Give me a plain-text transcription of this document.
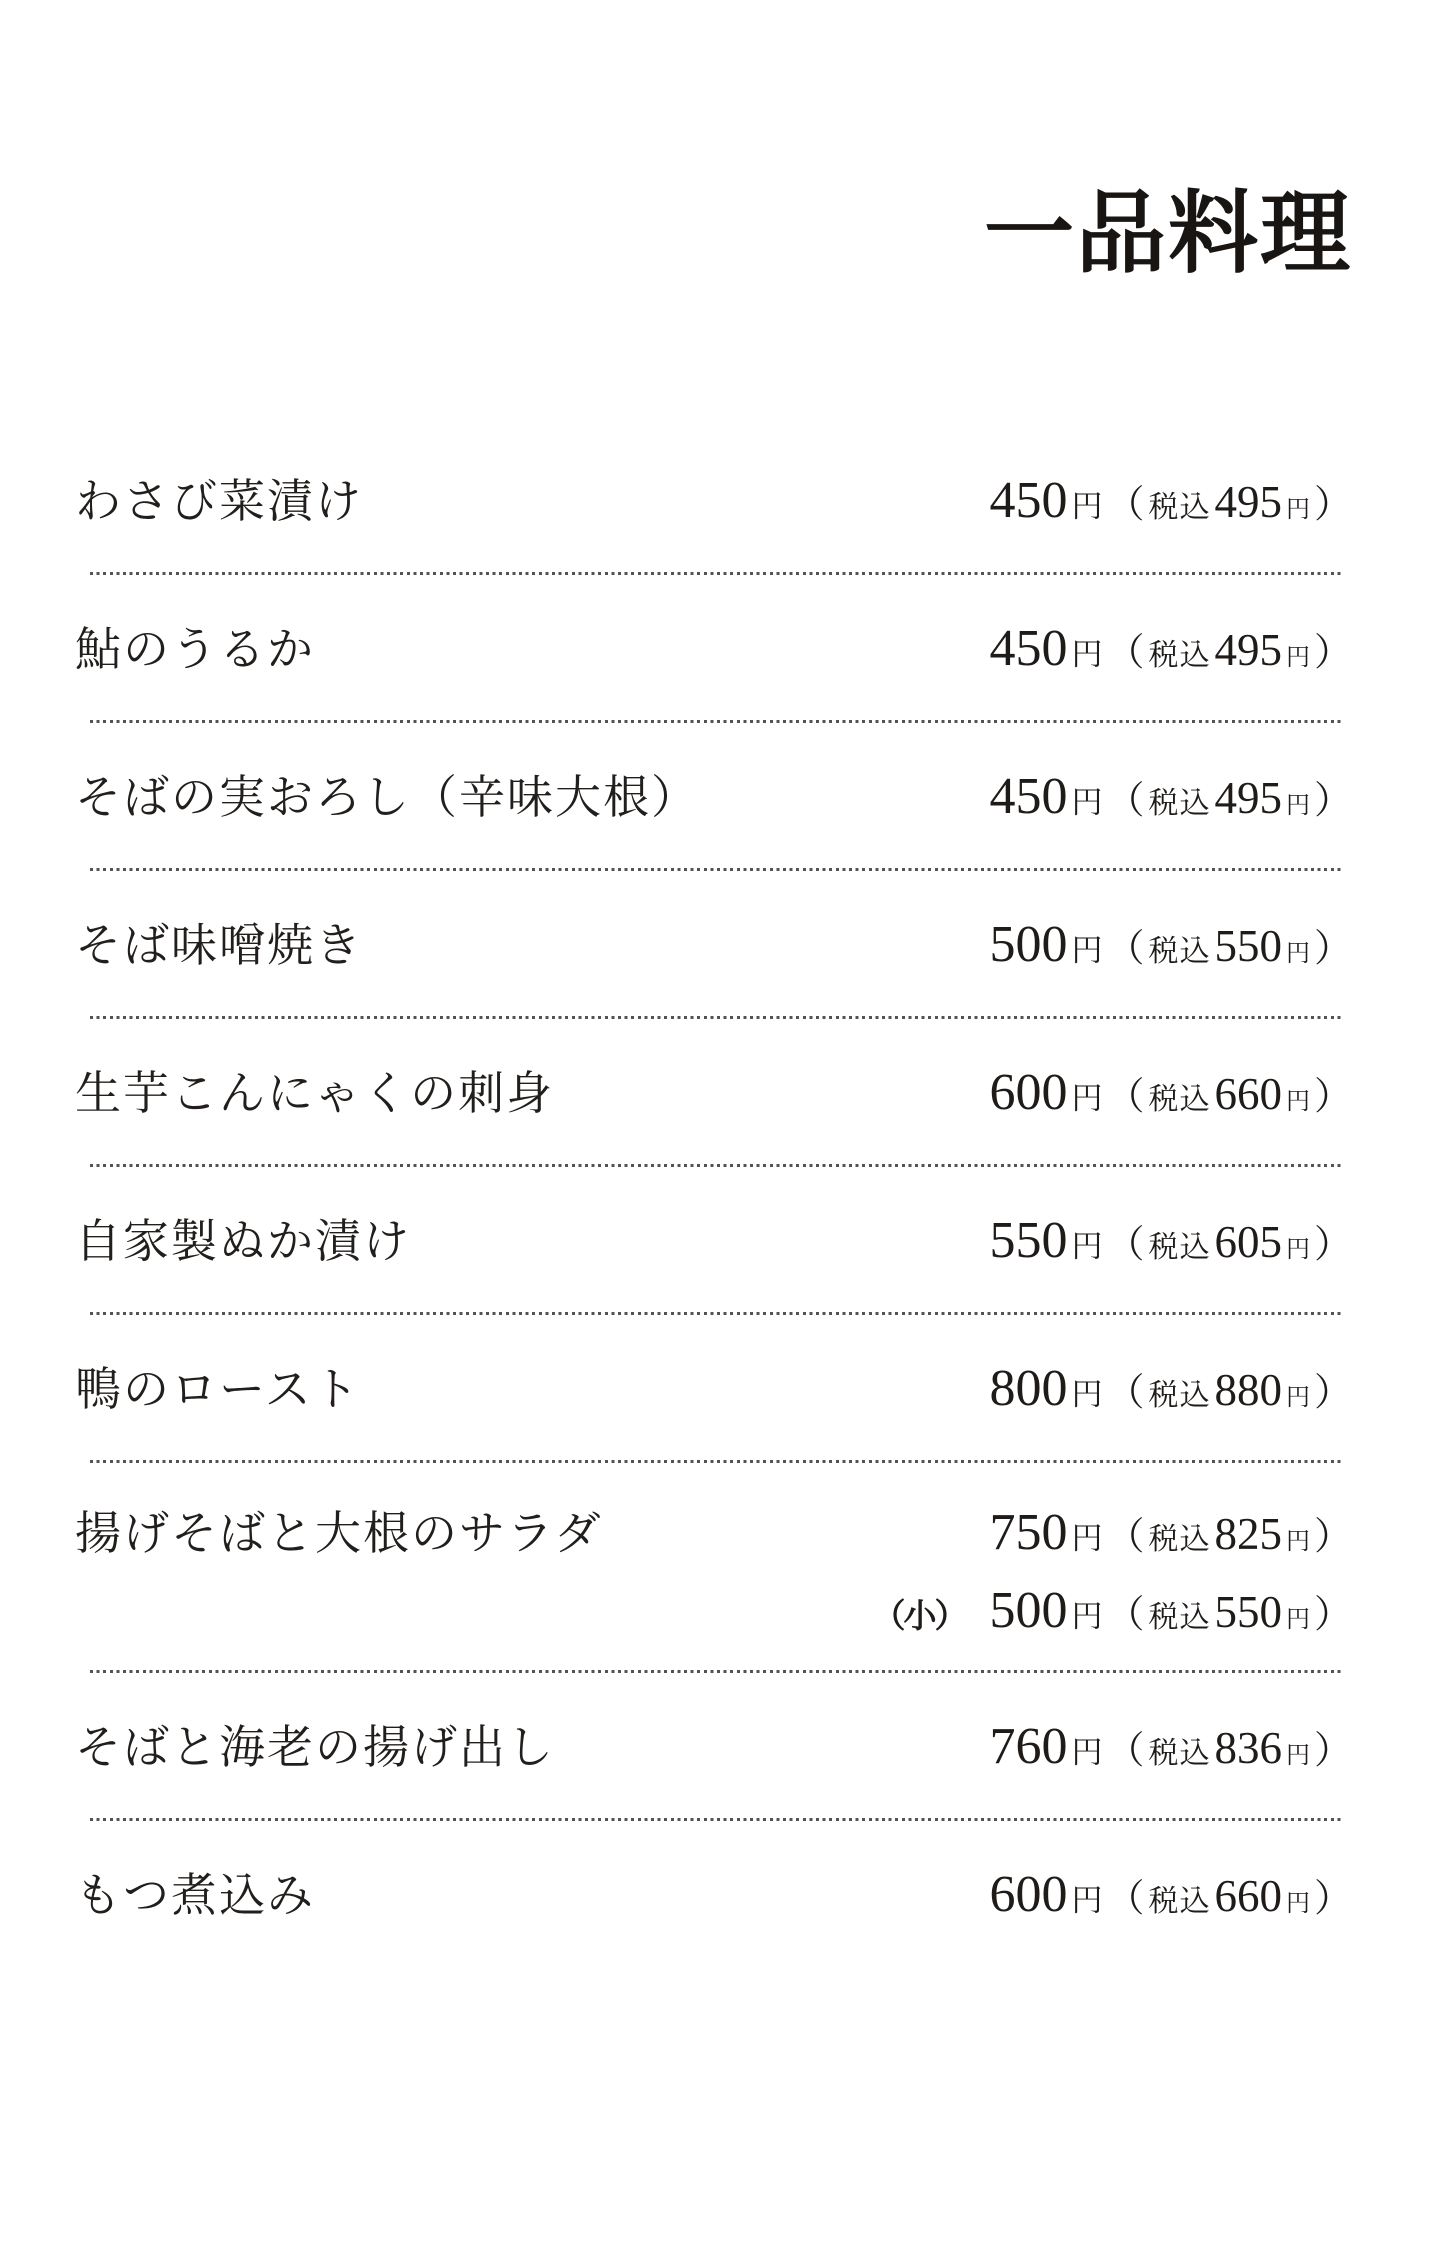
一品料理
わさび菜漬け	450 円 （ 税込 495 円 ）
鮎のうるか	450 円 （ 税込 495 円 ）
そばの実おろし（辛味大根）	450 円 （ 税込 495 円 ）
そば味噌焼き	500 円 （ 税込 550 円 ）
生芋こんにゃくの刺身	600 円 （ 税込 660 円 ）
自家製ぬか漬け	550 円 （ 税込 605 円 ）
鴨のロースト	800 円 （ 税込 880 円 ）
揚げそばと大根のサラダ	750 円 （ 税込 825 円 ）
（小） 500 円 （ 税込 550 円 ）
そばと海老の揚げ出し	760 円 （ 税込 836 円 ）
もつ煮込み	600 円 （ 税込 660 円 ）
